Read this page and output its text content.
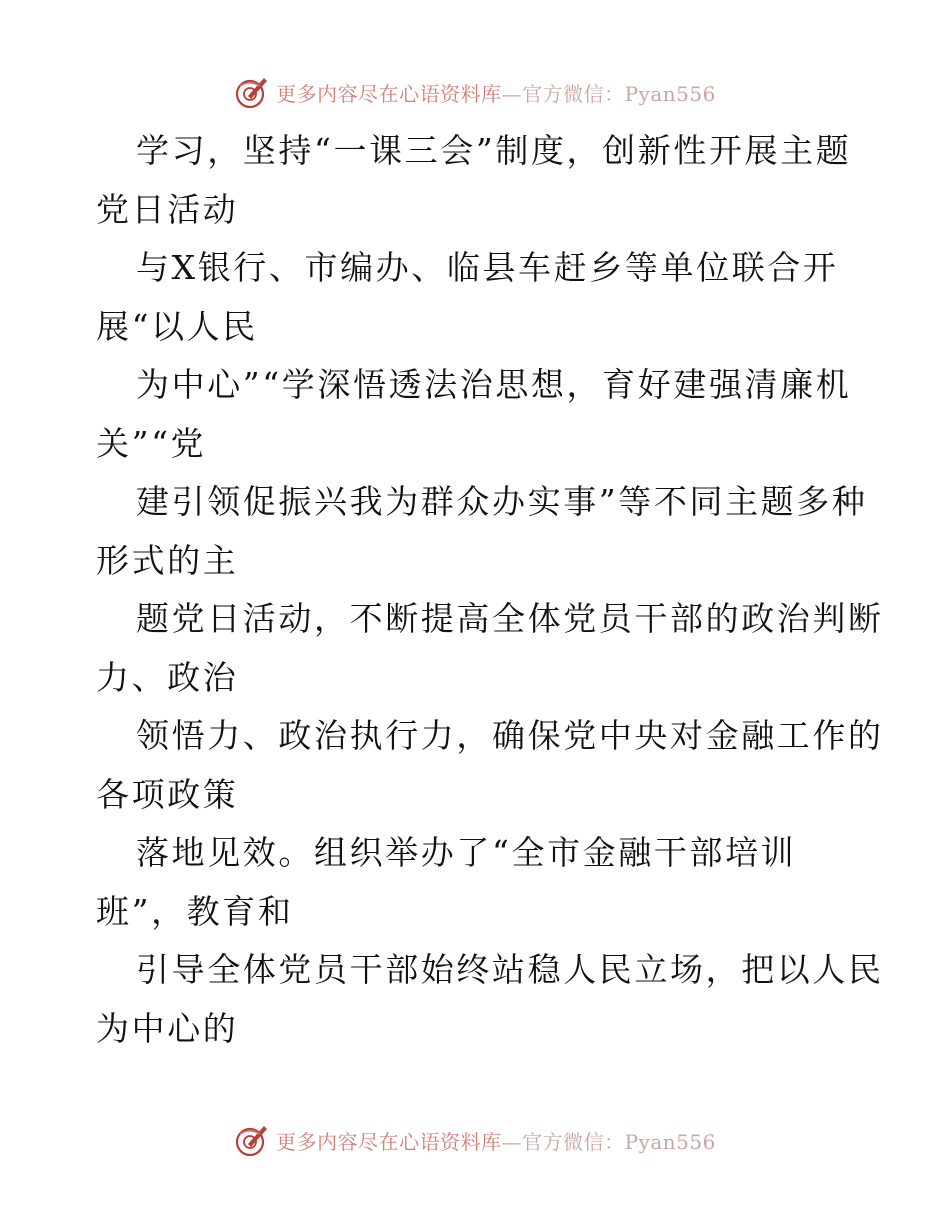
更多内容尽在心语资料库—官方微信：Pyan556
学习，坚持“一课三会”制度，创新性开展主题
党日活动
与X银行、市编办、临县车赶乡等单位联合开
展“以人民
为中心”“学深悟透法治思想，育好建强清廉机
关”“党
建引领促振兴我为群众办实事”等不同主题多种
形式的主
题党日活动，不断提高全体党员干部的政治判断
力、政治
领悟力、政治执行力，确保党中央对金融工作的
各项政策
落地见效。组织举办了“全市金融干部培训
班”，教育和
引导全体党员干部始终站稳人民立场，把以人民
为中心的
更多内容尽在心语资料库—官方微信：Pyan556
